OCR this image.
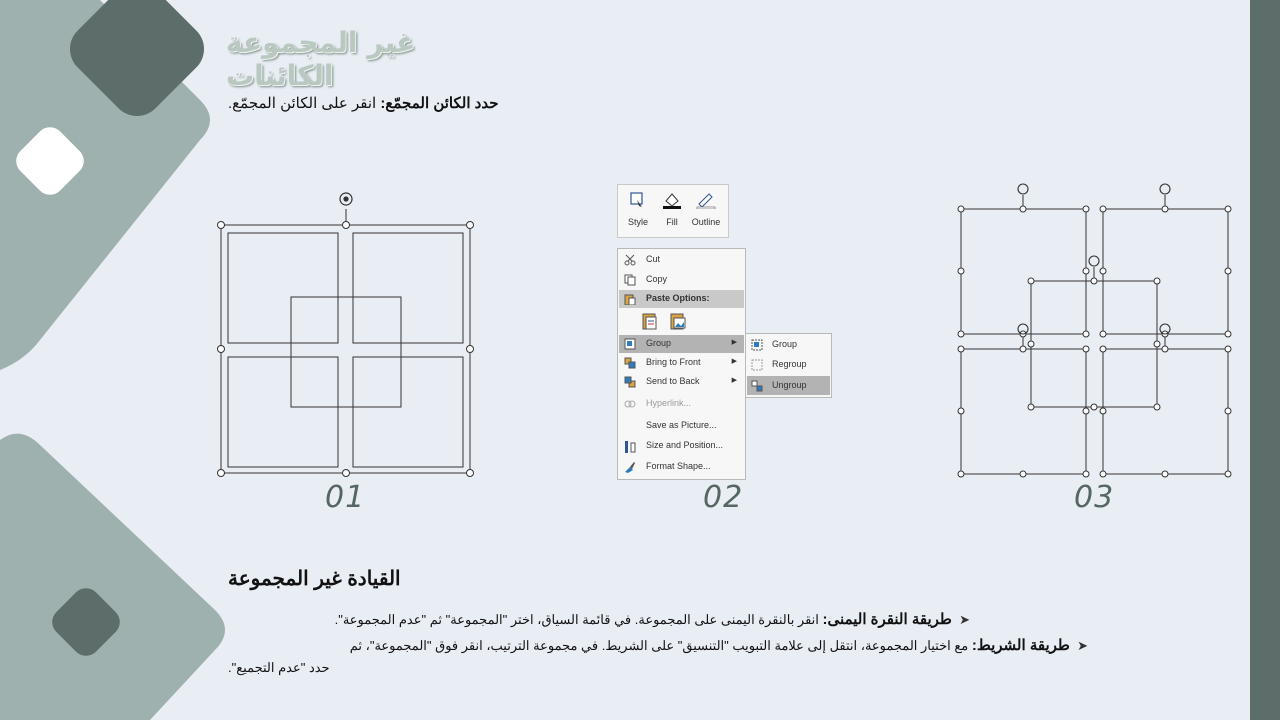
غير المجموعة الكائنات
حدد الكائن المجمّع: انقر على الكائن المجمّع.
Style	Fill	Outline
Cut
Copy
Paste Options:
Group	▶
Bring to Front	▶
Send to Back	▶
Hyperlink...
Save as Picture...
Size and Position...
Format Shape...
Group
Regroup
Ungroup
01	02	03
القيادة غير المجموعة
➤  طريقة النقرة اليمنى: انقر بالنقرة اليمنى على المجموعة. في قائمة السياق، اختر "المجموعة" ثم "عدم المجموعة".
➤  طريقة الشريط: مع اختيار المجموعة، انتقل إلى علامة التبويب "التنسيق" على الشريط. في مجموعة الترتيب، انقر فوق "المجموعة"، ثم
حدد "عدم التجميع".
